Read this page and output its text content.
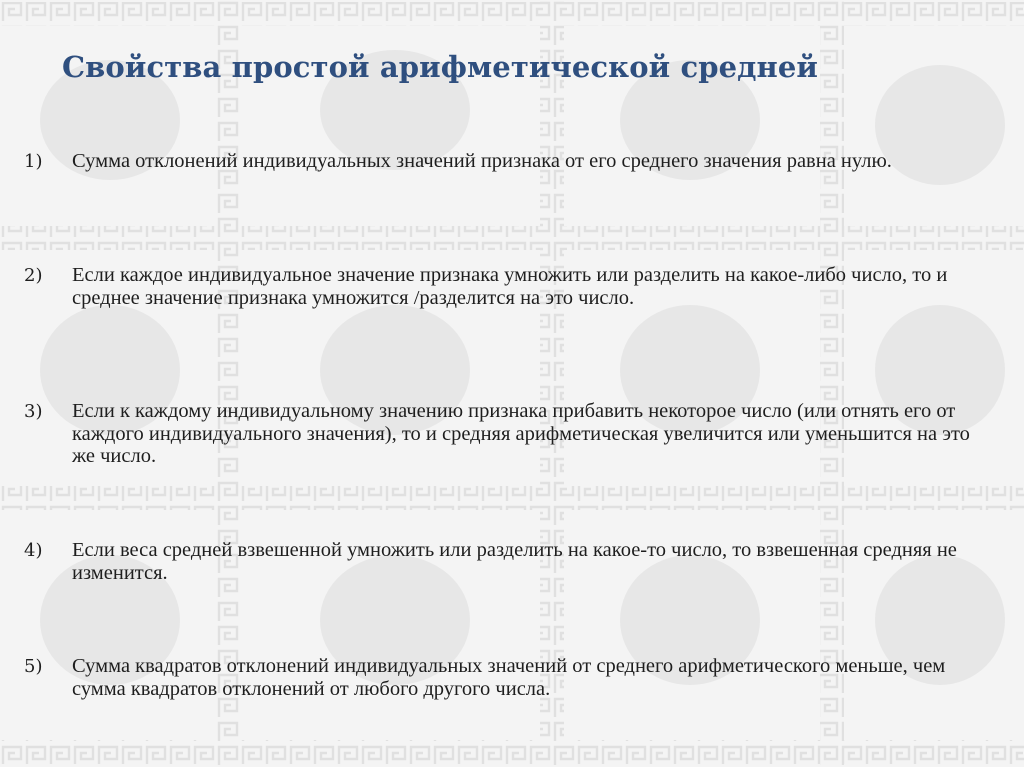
Свойства простой арифметической средней
1)	Сумма отклонений индивидуальных значений признака от его среднего значения равна нулю.
2)	Если каждое индивидуальное значение признака умножить или разделить на какое-либо число, то и среднее значение признака умножится /разделится на это число.
3)	Если к каждому индивидуальному значению признака прибавить некоторое число (или отнять его от каждого индивидуального значения), то и средняя арифметическая увеличится или уменьшится на это же число.
4)	Если веса средней взвешенной умножить или разделить на какое-то число, то взвешенная средняя не изменится.
5)	Сумма квадратов отклонений индивидуальных значений от среднего арифметического меньше, чем сумма квадратов отклонений от любого другого числа.
